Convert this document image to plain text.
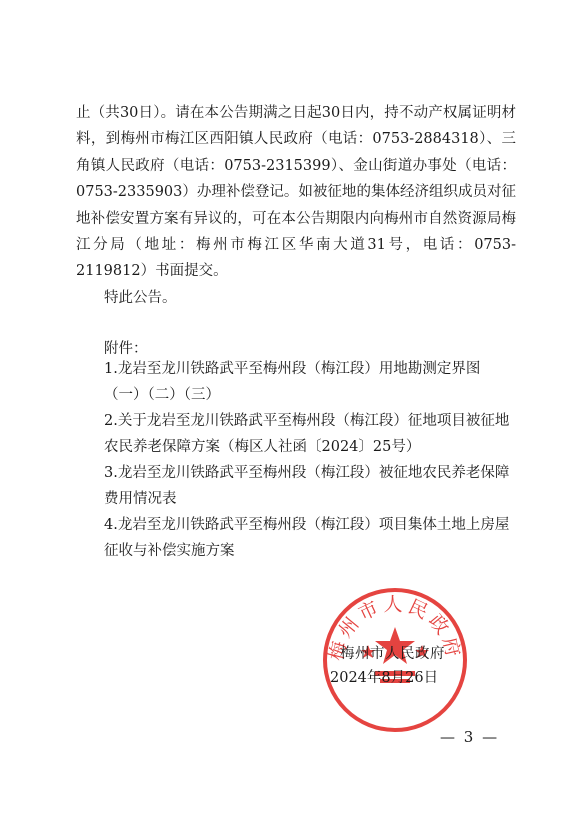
止（共30日）。请在本公告期满之日起30日内，持不动产权属证明材料，到梅州市梅江区西阳镇人民政府（电话：0753-2884318）、三角镇人民政府（电话：0753-2315399）、金山街道办事处（电话：0753-2335903）办理补偿登记。如被征地的集体经济组织成员对征地补偿安置方案有异议的，可在本公告期限内向梅州市自然资源局梅江分局（地址：梅州市梅江区华南大道31号，电话：0753-2119812）书面提交。

特此公告。
附件：

1.龙岩至龙川铁路武平至梅州段（梅江段）用地勘测定界图（一）（二）（三）

2.关于龙岩至龙川铁路武平至梅州段（梅江段）征地项目被征地农民养老保障方案（梅区人社函〔2024〕25号）

3.龙岩至龙川铁路武平至梅州段（梅江段）被征地农民养老保障费用情况表

4.龙岩至龙川铁路武平至梅州段（梅江段）项目集体土地上房屋征收与补偿实施方案

梅州市人民政府
梅州市人民政府
2024年8月26日
— 3 —
